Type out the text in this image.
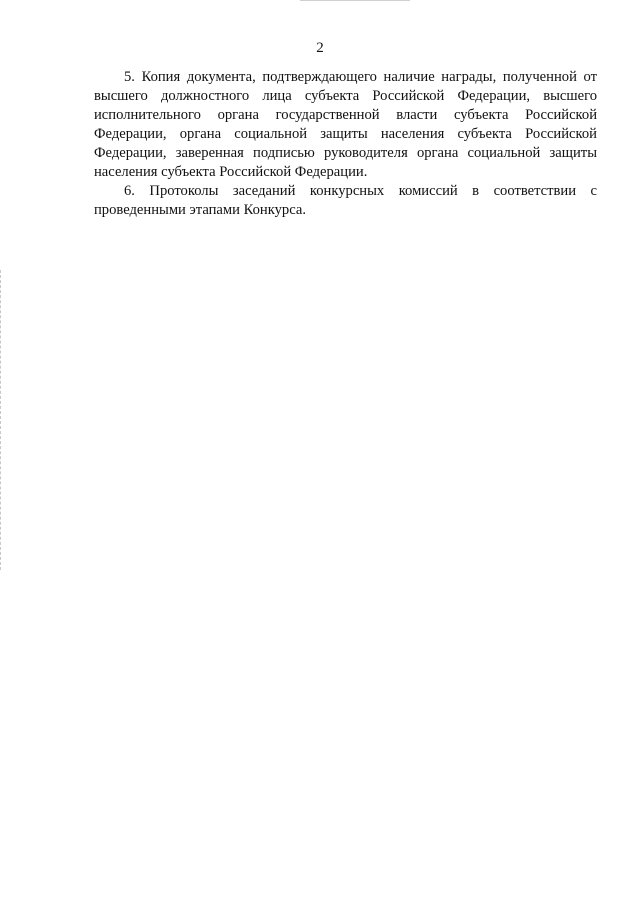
2

5. Копия документа, подтверждающего наличие награды, полученной от высшего должностного лица субъекта Российской Федерации, высшего исполнительного органа государственной власти субъекта Российской Федерации, органа социальной защиты населения субъекта Российской Федерации, заверенная подписью руководителя органа социальной защиты населения субъекта Российской Федерации.

6. Протоколы заседаний конкурсных комиссий в соответствии с проведенными этапами Конкурса.
